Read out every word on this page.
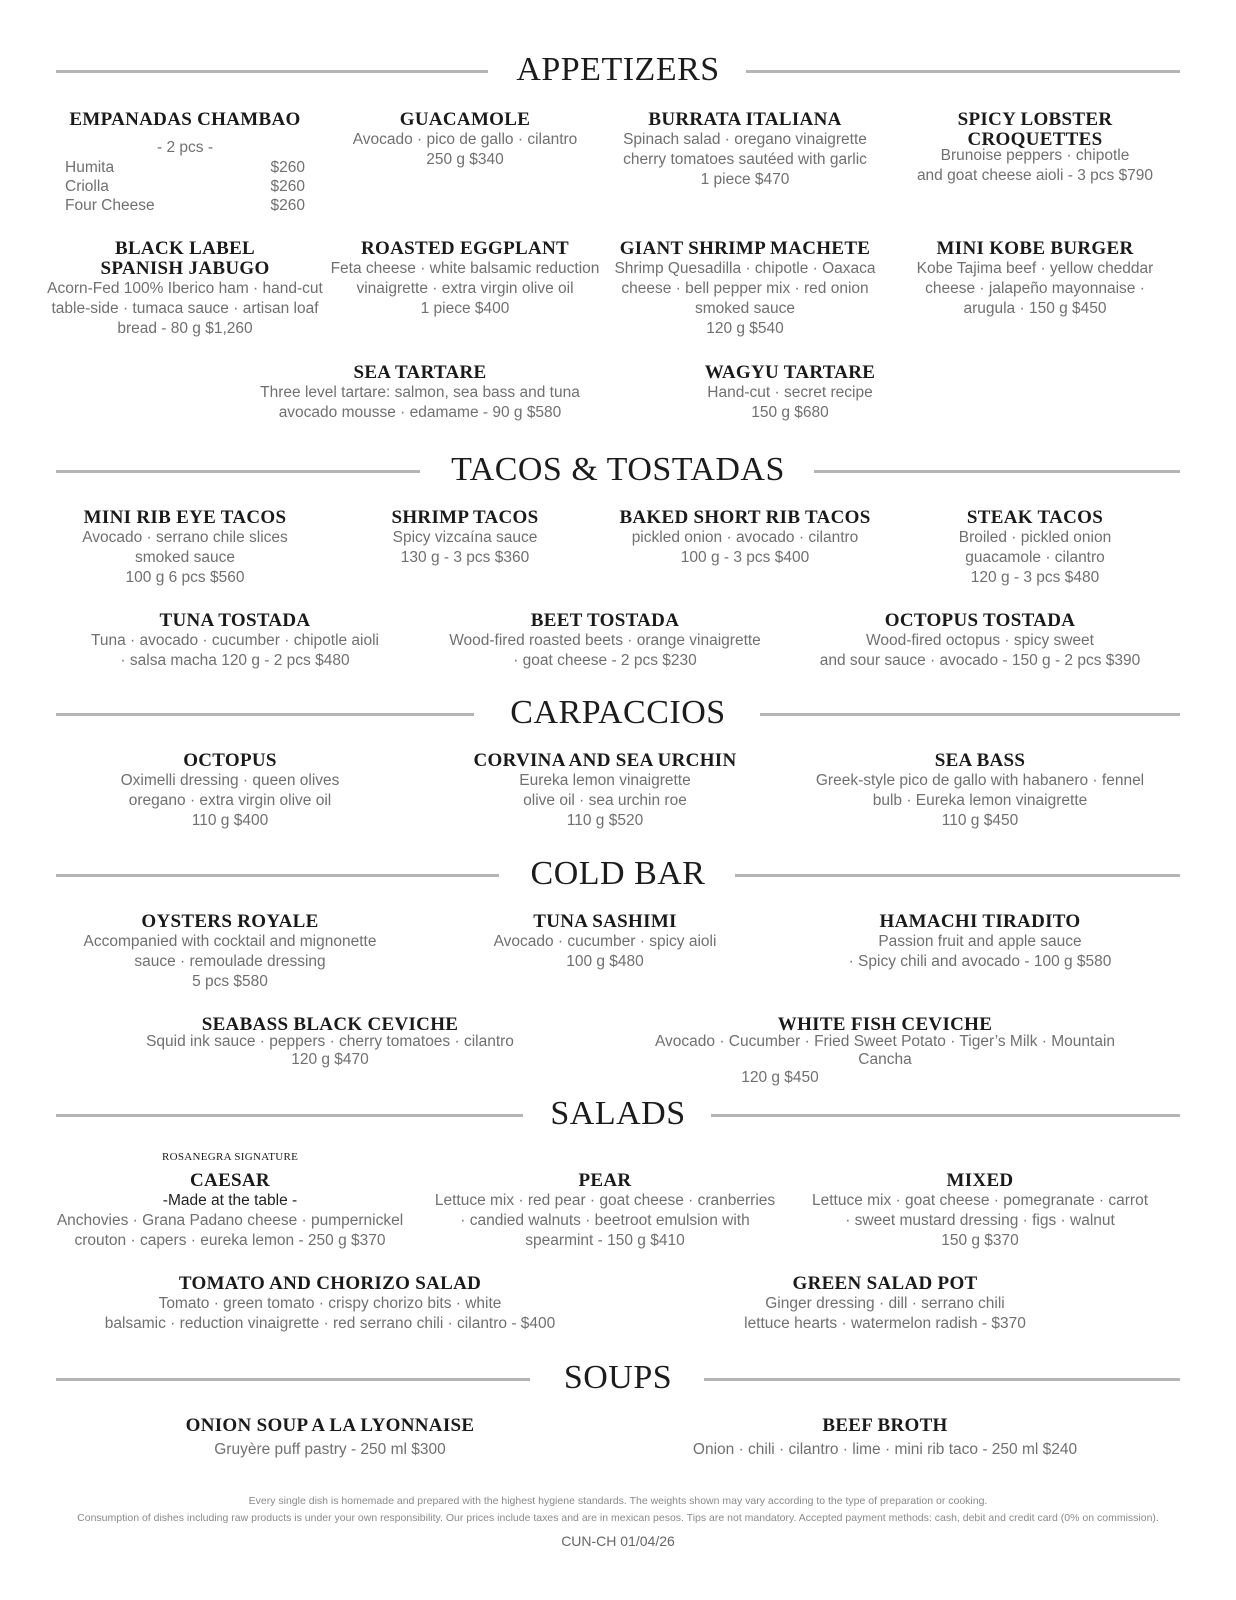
APPETIZERS
EMPANADAS CHAMBAO
- 2 pcs -
Humita	$260
Criolla	$260
Four Cheese	$260
GUACAMOLE
Avocado · pico de gallo · cilantro
250 g $340
BURRATA ITALIANA
Spinach salad · oregano vinaigrette
cherry tomatoes sautéed with garlic
1 piece $470
SPICY LOBSTER
CROQUETTES
Brunoise peppers · chipotle
and goat cheese aioli - 3 pcs $790
BLACK LABEL
SPANISH JABUGO
Acorn-Fed 100% Iberico ham · hand-cut
table-side · tumaca sauce · artisan loaf
bread - 80 g $1,260
ROASTED EGGPLANT
Feta cheese · white balsamic reduction
vinaigrette · extra virgin olive oil
1 piece $400
GIANT SHRIMP MACHETE
Shrimp Quesadilla · chipotle · Oaxaca
cheese · bell pepper mix · red onion
smoked sauce
120 g $540
MINI KOBE BURGER
Kobe Tajima beef · yellow cheddar
cheese · jalapeño mayonnaise ·
arugula · 150 g $450
SEA TARTARE
Three level tartare: salmon, sea bass and tuna
avocado mousse · edamame - 90 g $580
WAGYU TARTARE
Hand-cut · secret recipe
150 g $680
TACOS & TOSTADAS
MINI RIB EYE TACOS
Avocado · serrano chile slices
smoked sauce
100 g 6 pcs $560
SHRIMP TACOS
Spicy vizcaína sauce
130 g - 3 pcs $360
BAKED SHORT RIB TACOS
pickled onion · avocado · cilantro
100 g - 3 pcs $400
STEAK TACOS
Broiled · pickled onion
guacamole · cilantro
120 g - 3 pcs $480
TUNA TOSTADA
Tuna · avocado · cucumber · chipotle aioli
· salsa macha 120 g - 2 pcs $480
BEET TOSTADA
Wood-fired roasted beets · orange vinaigrette
· goat cheese - 2 pcs $230
OCTOPUS TOSTADA
Wood-fired octopus · spicy sweet
and sour sauce · avocado - 150 g - 2 pcs $390
CARPACCIOS
OCTOPUS
Oximelli dressing · queen olives
oregano · extra virgin olive oil
110 g $400
CORVINA AND SEA URCHIN
Eureka lemon vinaigrette
olive oil · sea urchin roe
110 g $520
SEA BASS
Greek-style pico de gallo with habanero · fennel
bulb · Eureka lemon vinaigrette
110 g $450
COLD BAR
OYSTERS ROYALE
Accompanied with cocktail and mignonette
sauce · remoulade dressing
5 pcs $580
TUNA SASHIMI
Avocado · cucumber · spicy aioli
100 g $480
HAMACHI TIRADITO
Passion fruit and apple sauce
· Spicy chili and avocado - 100 g $580
SEABASS BLACK CEVICHE
Squid ink sauce · peppers · cherry tomatoes · cilantro
120 g $470
WHITE FISH CEVICHE
Avocado · Cucumber · Fried Sweet Potato · Tiger’s Milk · Mountain Cancha
120 g $450
SALADS
ROSANEGRA SIGNATURE
CAESAR
-Made at the table -
Anchovies · Grana Padano cheese · pumpernickel
crouton · capers · eureka lemon - 250 g $370
PEAR
Lettuce mix · red pear · goat cheese · cranberries
· candied walnuts · beetroot emulsion with
spearmint - 150 g $410
MIXED
Lettuce mix · goat cheese · pomegranate · carrot
· sweet mustard dressing · figs · walnut
150 g $370
TOMATO AND CHORIZO SALAD
Tomato · green tomato · crispy chorizo bits · white
balsamic · reduction vinaigrette · red serrano chili · cilantro - $400
GREEN SALAD POT
Ginger dressing · dill · serrano chili
lettuce hearts · watermelon radish - $370
SOUPS
ONION SOUP A LA LYONNAISE
Gruyère puff pastry - 250 ml $300
BEEF BROTH
Onion · chili · cilantro · lime · mini rib taco - 250 ml $240
Every single dish is homemade and prepared with the highest hygiene standards. The weights shown may vary according to the type of preparation or cooking.
Consumption of dishes including raw products is under your own responsibility. Our prices include taxes and are in mexican pesos. Tips are not mandatory. Accepted payment methods: cash, debit and credit card (0% on commission).
CUN-CH 01/04/26
